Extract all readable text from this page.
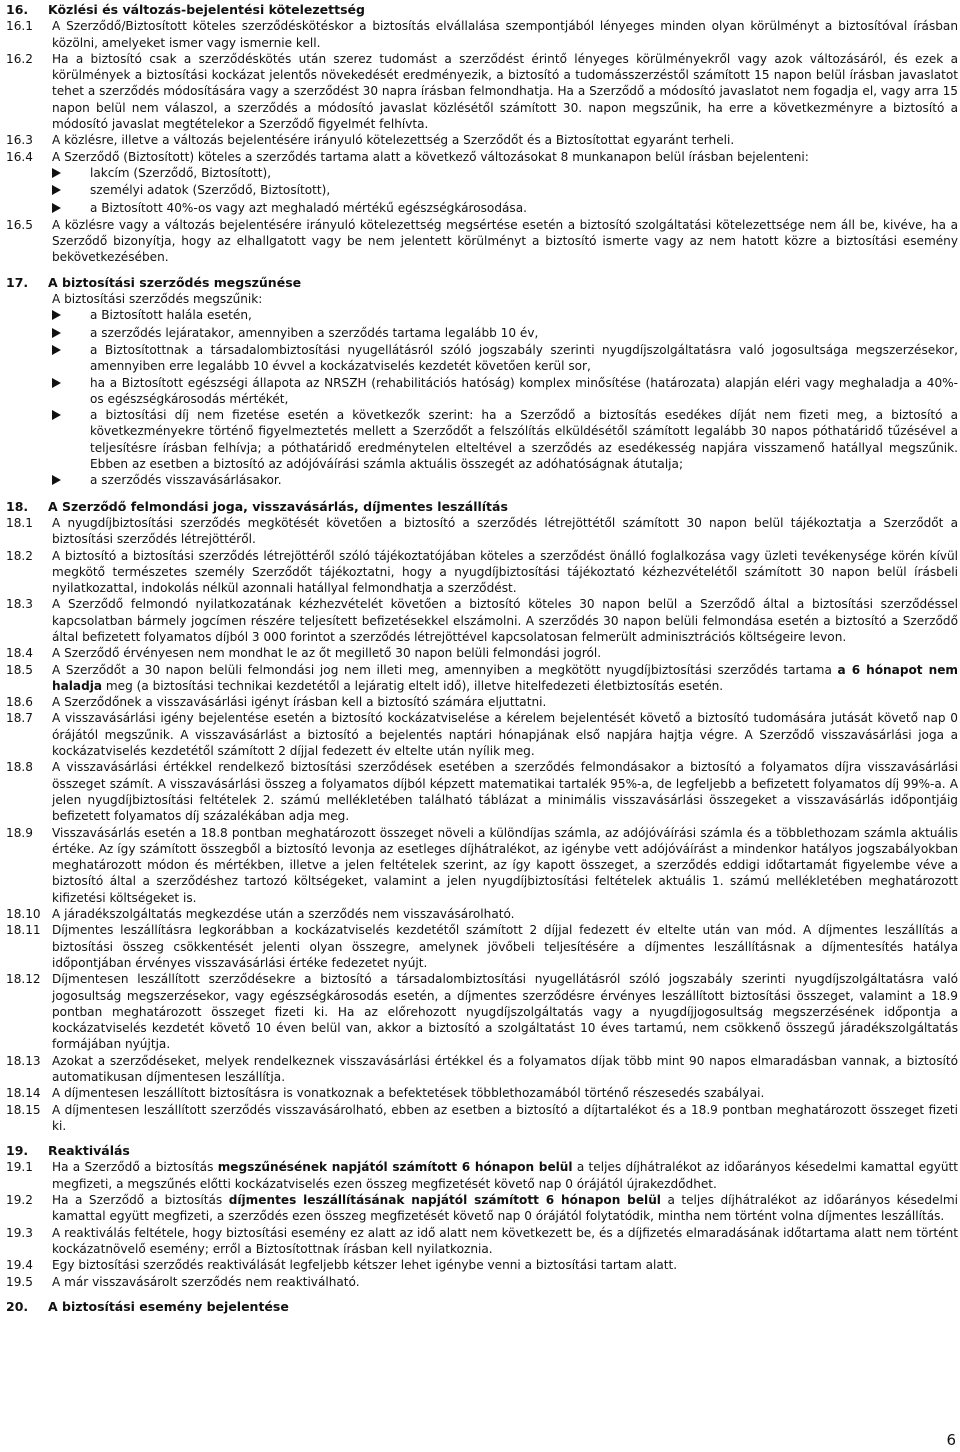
16.	Közlési és változás-bejelentési kötelezettség
16.1	A Szerződő/Biztosított köteles szerződéskötéskor a biztosítás elvállalása szempontjából lényeges minden olyan körülményt a biztosítóval írásban közölni, amelyeket ismer vagy ismernie kell.
16.2	Ha a biztosító csak a szerződéskötés után szerez tudomást a szerződést érintő lényeges körülményekről vagy azok változásáról, és ezek a körülmények a biztosítási kockázat jelentős növekedését eredményezik, a biztosító a tudomásszerzéstől számított 15 napon belül írásban javaslatot tehet a szerződés módosítására vagy a szerződést 30 napra írásban felmondhatja. Ha a Szerződő a módosító javaslatot nem fogadja el, vagy arra 15 napon belül nem válaszol, a szerződés a módosító javaslat közlésétől számított 30. napon megszűnik, ha erre a következményre a biztosító a módosító javaslat megtételekor a Szerződő figyelmét felhívta.
16.3	A közlésre, illetve a változás bejelentésére irányuló kötelezettség a Szerződőt és a Biztosítottat egyaránt terheli.
16.4	A Szerződő (Biztosított) köteles a szerződés tartama alatt a következő változásokat 8 munkanapon belül írásban bejelenteni:
lakcím (Szerződő, Biztosított),
személyi adatok (Szerződő, Biztosított),
a Biztosított 40%-os vagy azt meghaladó mértékű egészségkárosodása.
16.5	A közlésre vagy a változás bejelentésére irányuló kötelezettség megsértése esetén a biztosító szolgáltatási kötelezettsége nem áll be, kivéve, ha a Szerződő bizonyítja, hogy az elhallgatott vagy be nem jelentett körülményt a biztosító ismerte vagy az nem hatott közre a biztosítási esemény bekövetkezésében.
17.	A biztosítási szerződés megszűnése
A biztosítási szerződés megszűnik:
a Biztosított halála esetén,
a szerződés lejáratakor, amennyiben a szerződés tartama legalább 10 év,
a Biztosítottnak a társadalombiztosítási nyugellátásról szóló jogszabály szerinti nyugdíjszolgáltatásra való jogosultsága megszerzésekor, amennyiben erre legalább 10 évvel a kockázatviselés kezdetét követően kerül sor,
ha a Biztosított egészségi állapota az NRSZH (rehabilitációs hatóság) komplex minősítése (határozata) alapján eléri vagy meghaladja a 40%-os egészségkárosodás mértékét,
a biztosítási díj nem fizetése esetén a következők szerint: ha a Szerződő a biztosítás esedékes díját nem fizeti meg, a biztosító a következményekre történő figyelmeztetés mellett a Szerződőt a felszólítás elküldésétől számított legalább 30 napos póthatáridő tűzésével a teljesítésre írásban felhívja; a póthatáridő eredménytelen elteltével a szerződés az esedékesség napjára visszamenő hatállyal megszűnik. Ebben az esetben a biztosító az adójóváírási számla aktuális összegét az adóhatóságnak átutalja;
a szerződés visszavásárlásakor.
18.	A Szerződő felmondási joga, visszavásárlás, díjmentes leszállítás
18.1	A nyugdíjbiztosítási szerződés megkötését követően a biztosító a szerződés létrejöttétől számított 30 napon belül tájékoztatja a Szerződőt a biztosítási szerződés létrejöttéről.
18.2	A biztosító a biztosítási szerződés létrejöttéről szóló tájékoztatójában köteles a szerződést önálló foglalkozása vagy üzleti tevékenysége körén kívül megkötő természetes személy Szerződőt tájékoztatni, hogy a nyugdíjbiztosítási tájékoztató kézhezvételétől számított 30 napon belül írásbeli nyilatkozattal, indokolás nélkül azonnali hatállyal felmondhatja a szerződést.
18.3	A Szerződő felmondó nyilatkozatának kézhezvételét követően a biztosító köteles 30 napon belül a Szerződő által a biztosítási szerződéssel kapcsolatban bármely jogcímen részére teljesített befizetésekkel elszámolni. A szerződés 30 napon belüli felmondása esetén a biztosító a Szerződő által befizetett folyamatos díjból 3 000 forintot a szerződés létrejöttével kapcsolatosan felmerült adminisztrációs költségeire levon.
18.4	A Szerződő érvényesen nem mondhat le az őt megillető 30 napon belüli felmondási jogról.
18.5	A Szerződőt a 30 napon belüli felmondási jog nem illeti meg, amennyiben a megkötött nyugdíjbiztosítási szerződés tartama a 6 hónapot nem haladja meg (a biztosítási technikai kezdetétől a lejáratig eltelt idő), illetve hitelfedezeti életbiztosítás esetén.
18.6	A Szerződőnek a visszavásárlási igényt írásban kell a biztosító számára eljuttatni.
18.7	A visszavásárlási igény bejelentése esetén a biztosító kockázatviselése a kérelem bejelentését követő a biztosító tudomására jutását követő nap 0 órájától megszűnik. A visszavásárlást a biztosító a bejelentés naptári hónapjának első napjára hajtja végre. A Szerződő visszavásárlási joga a kockázatviselés kezdetétől számított 2 díjjal fedezett év eltelte után nyílik meg.
18.8	A visszavásárlási értékkel rendelkező biztosítási szerződések esetében a szerződés felmondásakor a biztosító a folyamatos díjra visszavásárlási összeget számít. A visszavásárlási összeg a folyamatos díjból képzett matematikai tartalék 95%-a, de legfeljebb a befizetett folyamatos díj 99%-a. A jelen nyugdíjbiztosítási feltételek 2. számú mellékletében található táblázat a minimális visszavásárlási összegeket a visszavásárlás időpontjáig befizetett folyamatos díj százalékában adja meg.
18.9	Visszavásárlás esetén a 18.8 pontban meghatározott összeget növeli a különdíjas számla, az adójóváírási számla és a többlethozam számla aktuális értéke. Az így számított összegből a biztosító levonja az esetleges díjhátralékot, az igénybe vett adójóváírást a mindenkor hatályos jogszabályokban meghatározott módon és mértékben, illetve a jelen feltételek szerint, az így kapott összeget, a szerződés eddigi időtartamát figyelembe véve a biztosító által a szerződéshez tartozó költségeket, valamint a jelen nyugdíjbiztosítási feltételek aktuális 1. számú mellékletében meghatározott kifizetési költségeket is.
18.10 A járadékszolgáltatás megkezdése után a szerződés nem visszavásárolható.
18.11 Díjmentes leszállításra legkorábban a kockázatviselés kezdetétől számított 2 díjjal fedezett év eltelte után van mód. A díjmentes leszállítás a biztosítási összeg csökkentését jelenti olyan összegre, amelynek jövőbeli teljesítésére a díjmentes leszállításnak a díjmentesítés hatálya időpontjában érvényes visszavásárlási értéke fedezetet nyújt.
18.12 Díjmentesen leszállított szerződésekre a biztosító a társadalombiztosítási nyugellátásról szóló jogszabály szerinti nyugdíjszolgáltatásra való jogosultság megszerzésekor, vagy egészségkárosodás esetén, a díjmentes szerződésre érvényes leszállított biztosítási összeget, valamint a 18.9 pontban meghatározott összeget fizeti ki. Ha az előrehozott nyugdíjszolgáltatás vagy a nyugdíjjogosultság megszerzésének időpontja a kockázatviselés kezdetét követő 10 éven belül van, akkor a biztosító a szolgáltatást 10 éves tartamú, nem csökkenő összegű járadékszolgáltatás formájában nyújtja.
18.13 Azokat a szerződéseket, melyek rendelkeznek visszavásárlási értékkel és a folyamatos díjak több mint 90 napos elmaradásban vannak, a biztosító automatikusan díjmentesen leszállítja.
18.14 A díjmentesen leszállított biztosításra is vonatkoznak a befektetések többlethozamából történő részesedés szabályai.
18.15 A díjmentesen leszállított szerződés visszavásárolható, ebben az esetben a biztosító a díjtartalékot és a 18.9 pontban meghatározott összeget fizeti ki.
19.	Reaktiválás
19.1	Ha a Szerződő a biztosítás megszűnésének napjától számított 6 hónapon belül a teljes díjhátralékot az időarányos késedelmi kamattal együtt megfizeti, a megszűnés előtti kockázatviselés ezen összeg megfizetését követő nap 0 órájától újrakezdődhet.
19.2	Ha a Szerződő a biztosítás díjmentes leszállításának napjától számított 6 hónapon belül a teljes díjhátralékot az időarányos késedelmi kamattal együtt megfizeti, a szerződés ezen összeg megfizetését követő nap 0 órájától folytatódik, mintha nem történt volna díjmentes leszállítás.
19.3	A reaktiválás feltétele, hogy biztosítási esemény ez alatt az idő alatt nem következett be, és a díjfizetés elmaradásának időtartama alatt nem történt kockázatnövelő esemény; erről a Biztosítottnak írásban kell nyilatkoznia.
19.4	Egy biztosítási szerződés reaktiválását legfeljebb kétszer lehet igénybe venni a biztosítási tartam alatt.
19.5	A már visszavásárolt szerződés nem reaktiválható.
20.	A biztosítási esemény bejelentése
6
